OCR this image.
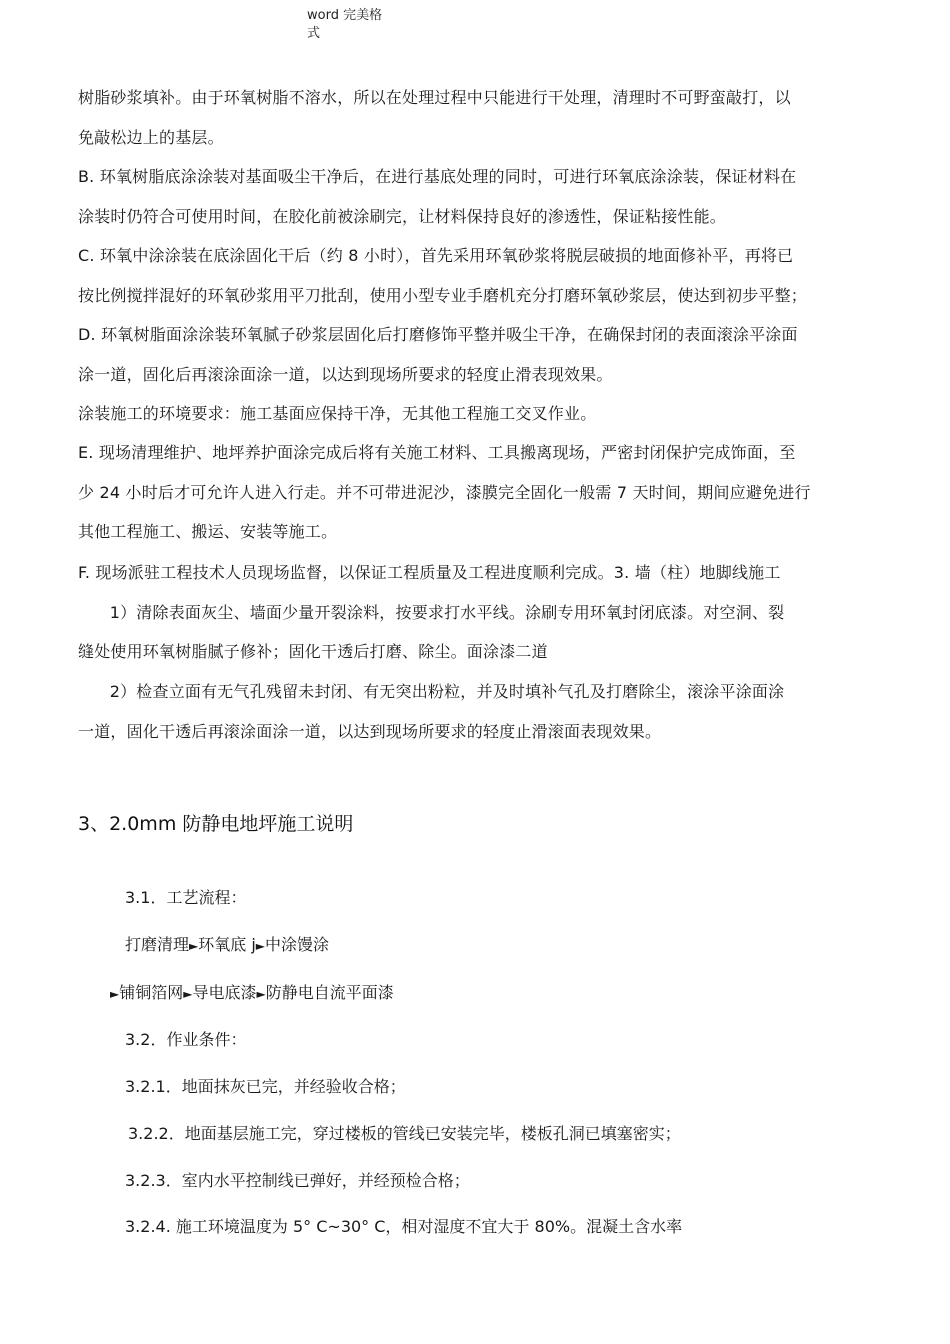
word 完美格
式
树脂砂浆填补。由于环氧树脂不溶水，所以在处理过程中只能进行干处理，清理时不可野蛮敲打，以
免敲松边上的基层。
B. 环氧树脂底涂涂装对基面吸尘干净后，在进行基底处理的同时，可进行环氧底涂涂装，保证材料在
涂装时仍符合可使用时间，在胶化前被涂刷完，让材料保持良好的渗透性，保证粘接性能。
C. 环氧中涂涂装在底涂固化干后（约 8 小时），首先采用环氧砂浆将脱层破损的地面修补平，再将已
按比例搅拌混好的环氧砂浆用平刀批刮，使用小型专业手磨机充分打磨环氧砂浆层，使达到初步平整；
D. 环氧树脂面涂涂装环氧腻子砂浆层固化后打磨修饰平整并吸尘干净，在确保封闭的表面滚涂平涂面
涂一道，固化后再滚涂面涂一道，以达到现场所要求的轻度止滑表现效果。
涂装施工的环境要求：施工基面应保持干净，无其他工程施工交叉作业。
E. 现场清理维护、地坪养护面涂完成后将有关施工材料、工具搬离现场，严密封闭保护完成饰面，至
少 24 小时后才可允许人进入行走。并不可带进泥沙，漆膜完全固化一般需 7 天时间，期间应避免进行
其他工程施工、搬运、安装等施工。
F. 现场派驻工程技术人员现场监督，以保证工程质量及工程进度顺利完成。3. 墙（柱）地脚线施工
1）清除表面灰尘、墙面少量开裂涂料，按要求打水平线。涂刷专用环氧封闭底漆。对空洞、裂
缝处使用环氧树脂腻子修补；固化干透后打磨、除尘。面涂漆二道
2）检查立面有无气孔残留未封闭、有无突出粉粒，并及时填补气孔及打磨除尘，滚涂平涂面涂
一道，固化干透后再滚涂面涂一道，以达到现场所要求的轻度止滑滚面表现效果。
3、2.0mm 防静电地坪施工说明
3.1．工艺流程：
打磨清理►环氧底 j►中涂馒涂
►铺铜箔网►导电底漆►防静电自流平面漆
3.2．作业条件：
3.2.1．地面抹灰已完，并经验收合格；
3.2.2．地面基层施工完，穿过楼板的管线已安装完毕，楼板孔洞已填塞密实；
3.2.3．室内水平控制线已弹好，并经预检合格；
3.2.4. 施工环境温度为 5° C~30° C，相对湿度不宜大于 80%。混凝土含水率
